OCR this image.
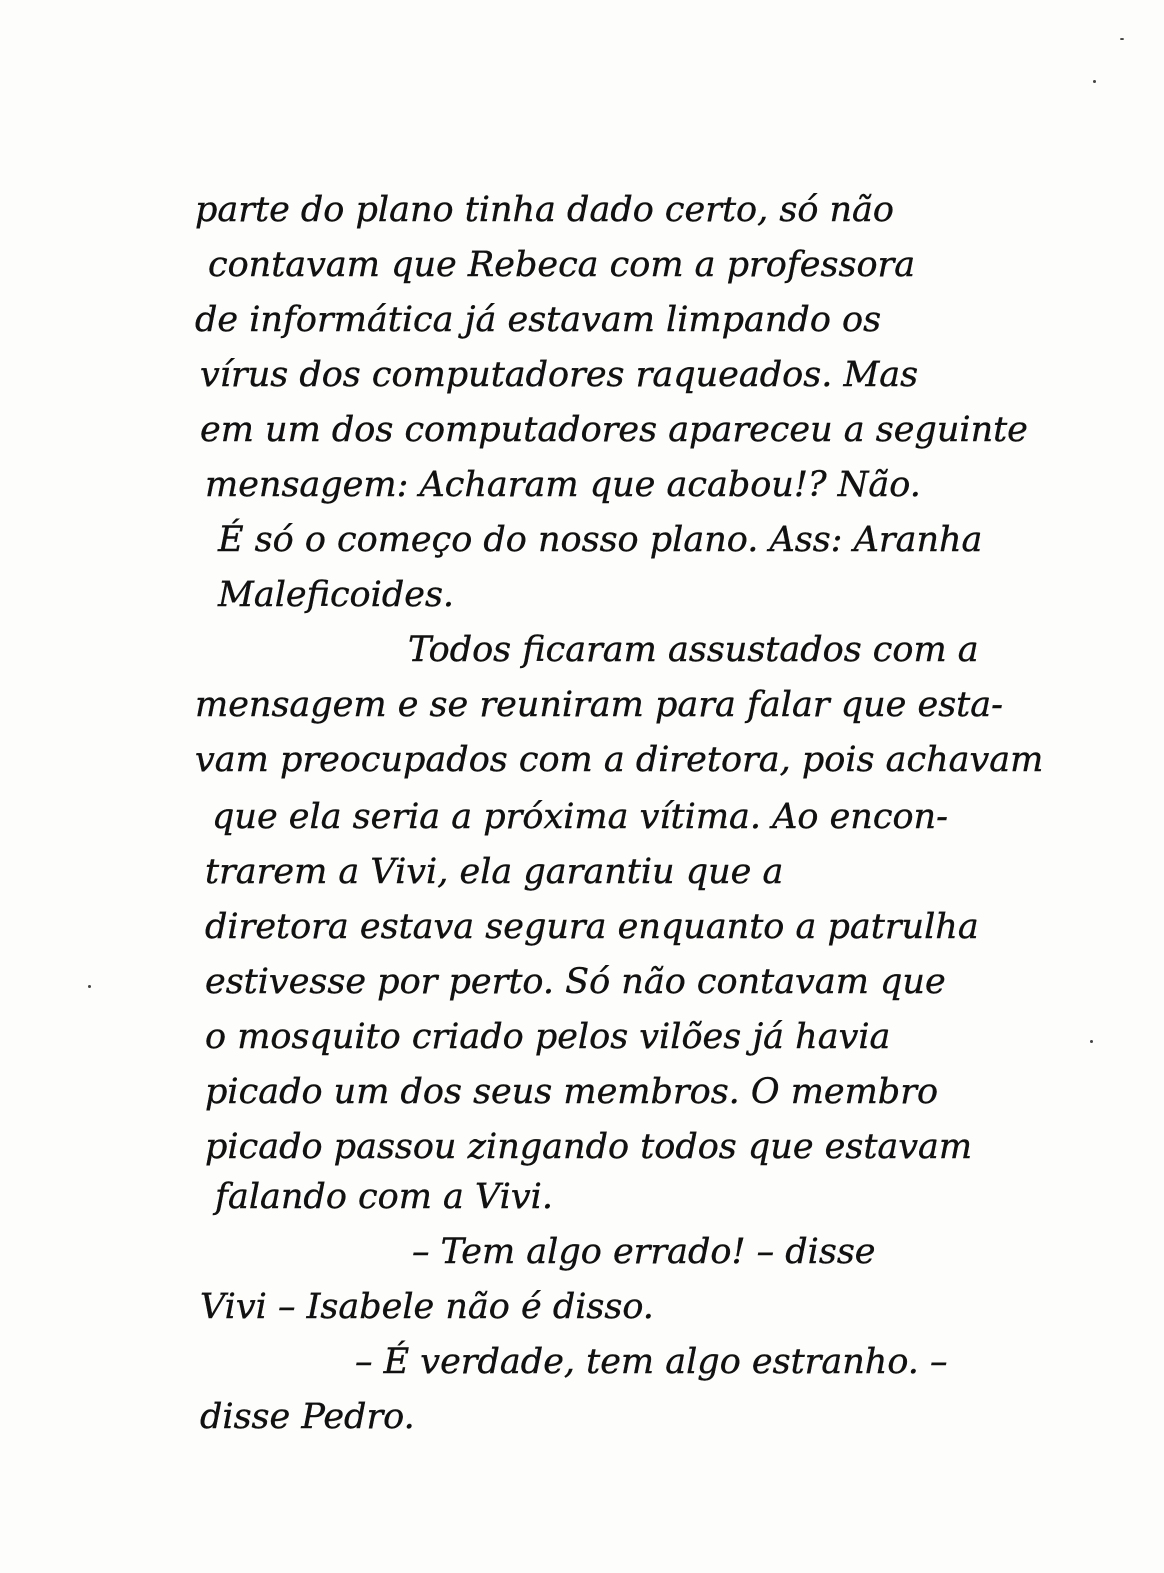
parte do plano tinha dado certo, só não
contavam que Rebeca com a professora
de informática já estavam limpando os
vírus dos computadores raqueados. Mas
em um dos computadores apareceu a seguinte
mensagem: Acharam que acabou!? Não.
É só o começo do nosso plano. Ass: Aranha
Maleficoides.
Todos ficaram assustados com a
mensagem e se reuniram para falar que esta-
vam preocupados com a diretora, pois achavam
que ela seria a próxima vítima. Ao encon-
trarem a Vivi, ela garantiu que a
diretora estava segura enquanto a patrulha
estivesse por perto. Só não contavam que
o mosquito criado pelos vilões já havia
picado um dos seus membros. O membro
picado passou zingando todos que estavam
falando com a Vivi.
– Tem algo errado! – disse
Vivi – Isabele não é disso.
– É verdade, tem algo estranho. –
disse Pedro.
